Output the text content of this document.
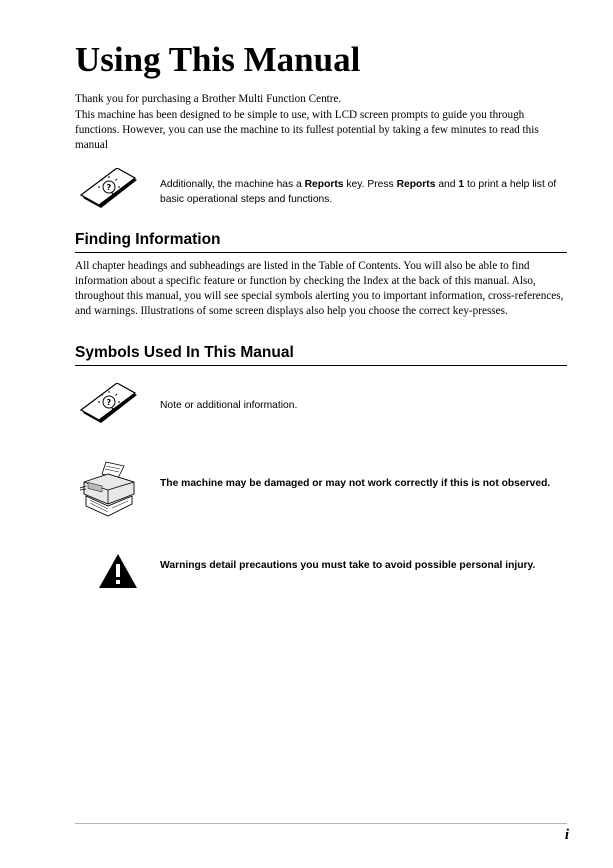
Using This Manual

Thank you for purchasing a Brother Multi Function Centre.

This machine has been designed to be simple to use, with LCD screen prompts to guide you through functions. However, you can use the machine to its fullest potential by taking a few minutes to read this manual

?	Additionally, the machine has a Reports key. Press Reports and 1 to print a help list of basic operational steps and functions.

Finding Information

All chapter headings and subheadings are listed in the Table of Contents. You will also be able to find information about a specific feature or function by checking the Index at the back of this manual. Also, throughout this manual, you will see special symbols alerting you to important information, cross-references, and warnings. Illustrations of some screen displays also help you choose the correct key-presses.

Symbols Used In This Manual
?	Note or additional information.

The machine may be damaged or may not work correctly if this is not observed.

Warnings detail precautions you must take to avoid possible personal injury.

i
